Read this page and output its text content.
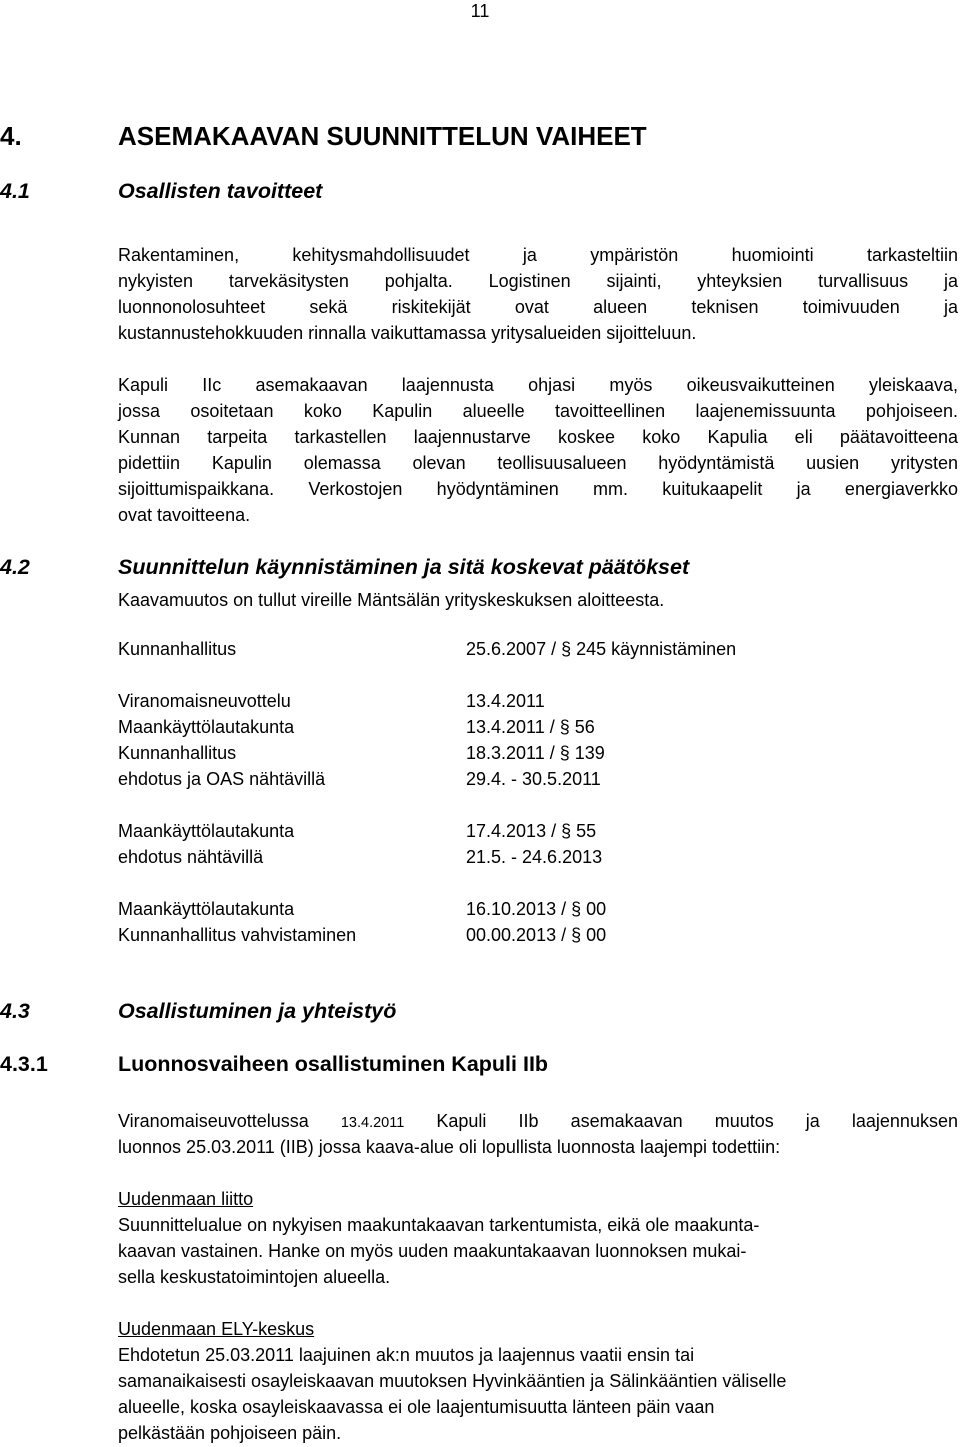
11
4.	ASEMAKAAVAN SUUNNITTELUN VAIHEET
4.1	Osallisten tavoitteet
Rakentaminen, kehitysmahdollisuudet ja ympäristön huomiointi tarkasteltiin
nykyisten tarvekäsitysten pohjalta. Logistinen sijainti, yhteyksien turvallisuus ja
luonnonolosuhteet sekä riskitekijät ovat alueen teknisen toimivuuden ja
kustannustehokkuuden rinnalla vaikuttamassa yritysalueiden sijoitteluun.
Kapuli IIc asemakaavan laajennusta ohjasi myös oikeusvaikutteinen yleiskaava,
jossa osoitetaan koko Kapulin alueelle tavoitteellinen laajenemissuunta pohjoiseen.
Kunnan tarpeita tarkastellen laajennustarve koskee koko Kapulia eli päätavoitteena
pidettiin Kapulin olemassa olevan teollisuusalueen hyödyntämistä uusien yritysten
sijoittumispaikkana. Verkostojen hyödyntäminen mm. kuitukaapelit ja energiaverkko
ovat tavoitteena.
4.2	Suunnittelun käynnistäminen ja sitä koskevat päätökset
Kaavamuutos on tullut vireille Mäntsälän yrityskeskuksen aloitteesta.
Kunnanhallitus	25.6.2007 / § 245 käynnistäminen
Viranomaisneuvottelu	13.4.2011
Maankäyttölautakunta	13.4.2011 / § 56
Kunnanhallitus	18.3.2011 / § 139
ehdotus ja OAS nähtävillä	29.4. - 30.5.2011
Maankäyttölautakunta	17.4.2013 / § 55
ehdotus nähtävillä	21.5. - 24.6.2013
Maankäyttölautakunta	16.10.2013 / § 00
Kunnanhallitus vahvistaminen	00.00.2013 / § 00
4.3	Osallistuminen ja yhteistyö
4.3.1	Luonnosvaiheen osallistuminen Kapuli IIb
Viranomaiseuvottelussa 13.4.2011 Kapuli IIb asemakaavan muutos ja laajennuksen
luonnos 25.03.2011 (IIB) jossa kaava-alue oli lopullista luonnosta laajempi todettiin:
Uudenmaan liitto
Suunnittelualue on nykyisen maakuntakaavan tarkentumista, eikä ole maakunta-
kaavan vastainen. Hanke on myös uuden maakuntakaavan luonnoksen mukai-
sella keskustatoimintojen alueella.
Uudenmaan ELY-keskus
Ehdotetun 25.03.2011 laajuinen ak:n muutos ja laajennus vaatii ensin tai
samanaikaisesti osayleiskaavan muutoksen Hyvinkääntien ja Sälinkääntien väliselle
alueelle, koska osayleiskaavassa ei ole laajentumisuutta länteen päin vaan
pelkästään pohjoiseen päin.
